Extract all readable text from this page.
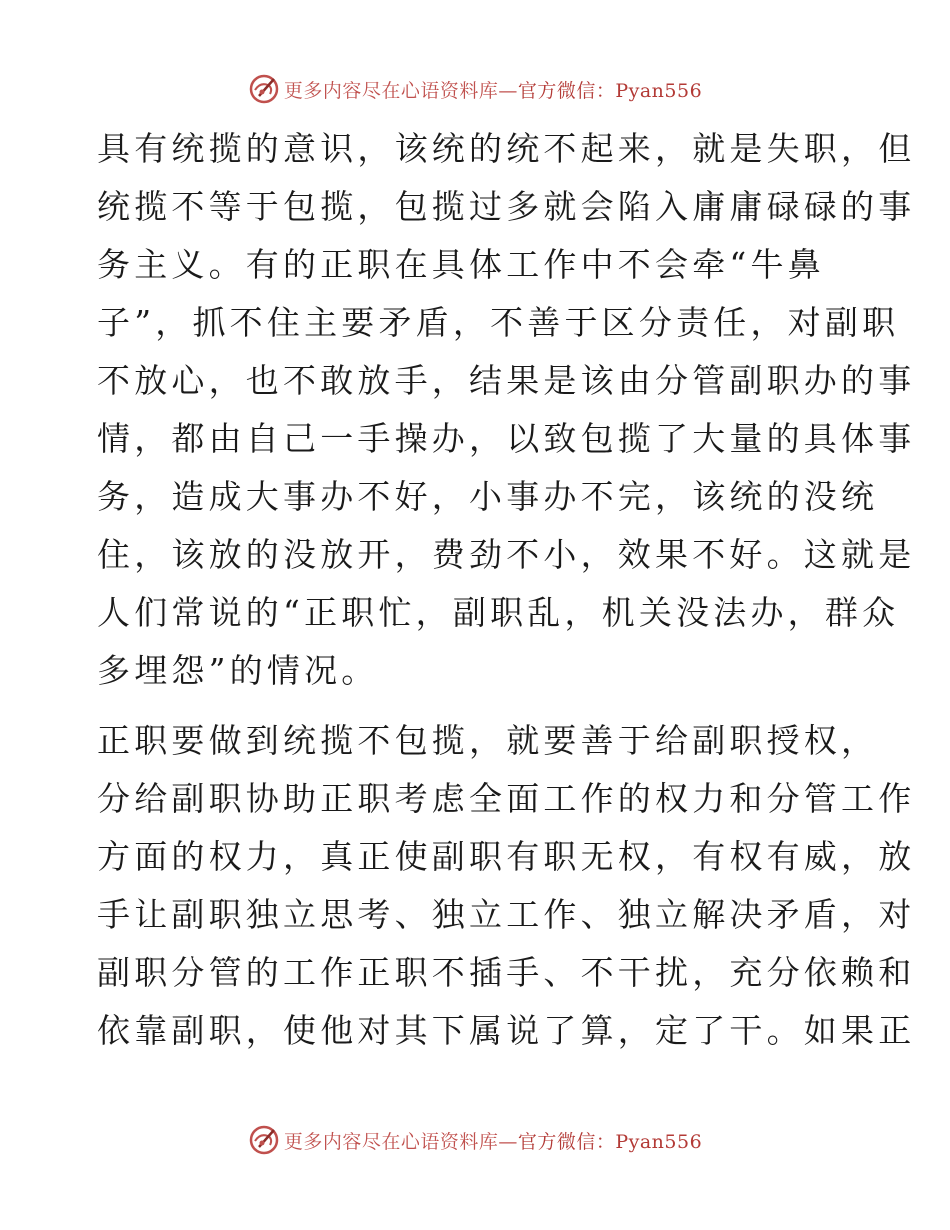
更多内容尽在心语资料库—官方微信：Pyan556
具有统揽的意识，该统的统不起来，就是失职，但
统揽不等于包揽，包揽过多就会陷入庸庸碌碌的事
务主义。有的正职在具体工作中不会牵“牛鼻
子”，抓不住主要矛盾，不善于区分责任，对副职
不放心，也不敢放手，结果是该由分管副职办的事
情，都由自己一手操办，以致包揽了大量的具体事
务，造成大事办不好，小事办不完，该统的没统
住，该放的没放开，费劲不小，效果不好。这就是
人们常说的“正职忙，副职乱，机关没法办，群众
多埋怨”的情况。
正职要做到统揽不包揽，就要善于给副职授权，
分给副职协助正职考虑全面工作的权力和分管工作
方面的权力，真正使副职有职无权，有权有威，放
手让副职独立思考、独立工作、独立解决矛盾，对
副职分管的工作正职不插手、不干扰，充分依赖和
依靠副职，使他对其下属说了算，定了干。如果正
更多内容尽在心语资料库—官方微信：Pyan556
